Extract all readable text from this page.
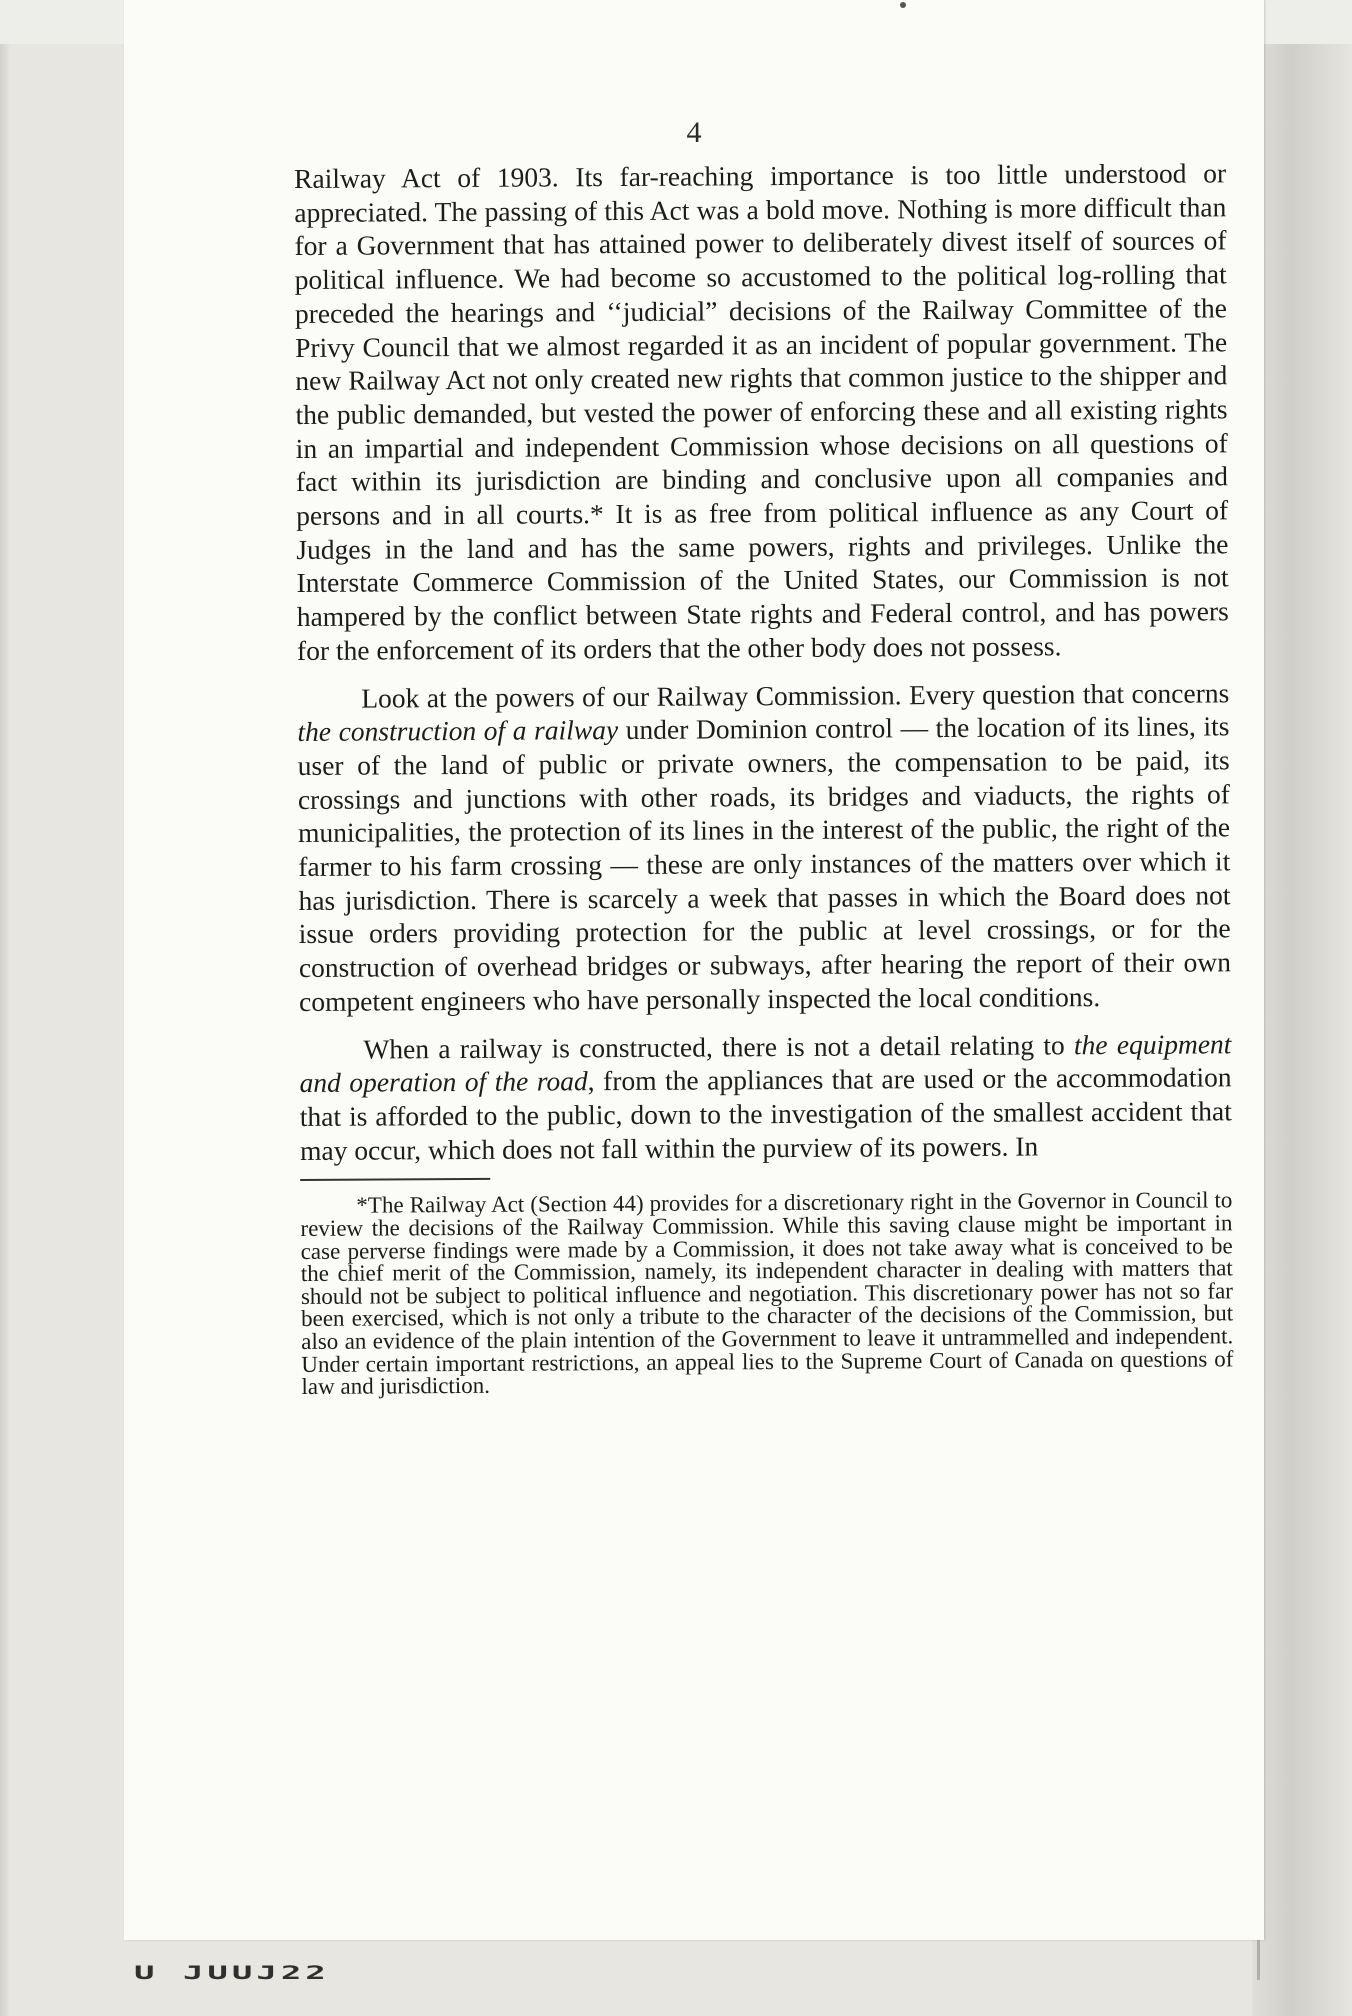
4

Railway Act of 1903. Its far-reaching importance is too little understood or appreciated. The passing of this Act was a bold move. Nothing is more difficult than for a Government that has attained power to deliberately divest itself of sources of political influence. We had become so accustomed to the political log-rolling that preceded the hearings and ‘‘judicial” decisions of the Railway Committee of the Privy Council that we almost regarded it as an incident of popular government. The new Railway Act not only created new rights that common justice to the shipper and the public demanded, but vested the power of enforcing these and all existing rights in an impartial and independent Commission whose decisions on all questions of fact within its jurisdiction are binding and conclusive upon all companies and persons and in all courts.* It is as free from political influence as any Court of Judges in the land and has the same powers, rights and privileges. Unlike the Interstate Commerce Commission of the United States, our Commission is not hampered by the conflict between State rights and Federal control, and has powers for the enforcement of its orders that the other body does not possess.

Look at the powers of our Railway Commission. Every question that concerns the construction of a railway under Dominion control — the location of its lines, its user of the land of public or private owners, the compensation to be paid, its crossings and junctions with other roads, its bridges and viaducts, the rights of municipalities, the protection of its lines in the interest of the public, the right of the farmer to his farm crossing — these are only instances of the matters over which it has jurisdiction. There is scarcely a week that passes in which the Board does not issue orders providing protection for the public at level crossings, or for the construction of overhead bridges or subways, after hearing the report of their own competent engineers who have personally inspected the local conditions.

When a railway is constructed, there is not a detail relating to the equipment and operation of the road, from the appliances that are used or the accommodation that is afforded to the public, down to the investigation of the smallest accident that may occur, which does not fall within the purview of its powers. In

*The Railway Act (Section 44) provides for a discretionary right in the Governor in Council to review the decisions of the Railway Commission. While this saving clause might be important in case perverse findings were made by a Commission, it does not take away what is conceived to be the chief merit of the Commission, namely, its independent character in dealing with matters that should not be subject to political influence and negotiation. This discretionary power has not so far been exercised, which is not only a tribute to the character of the decisions of the Commission, but also an evidence of the plain intention of the Government to leave it untrammelled and independent. Under certain important restrictions, an appeal lies to the Supreme Court of Canada on questions of law and jurisdiction.

U JUUJ22
